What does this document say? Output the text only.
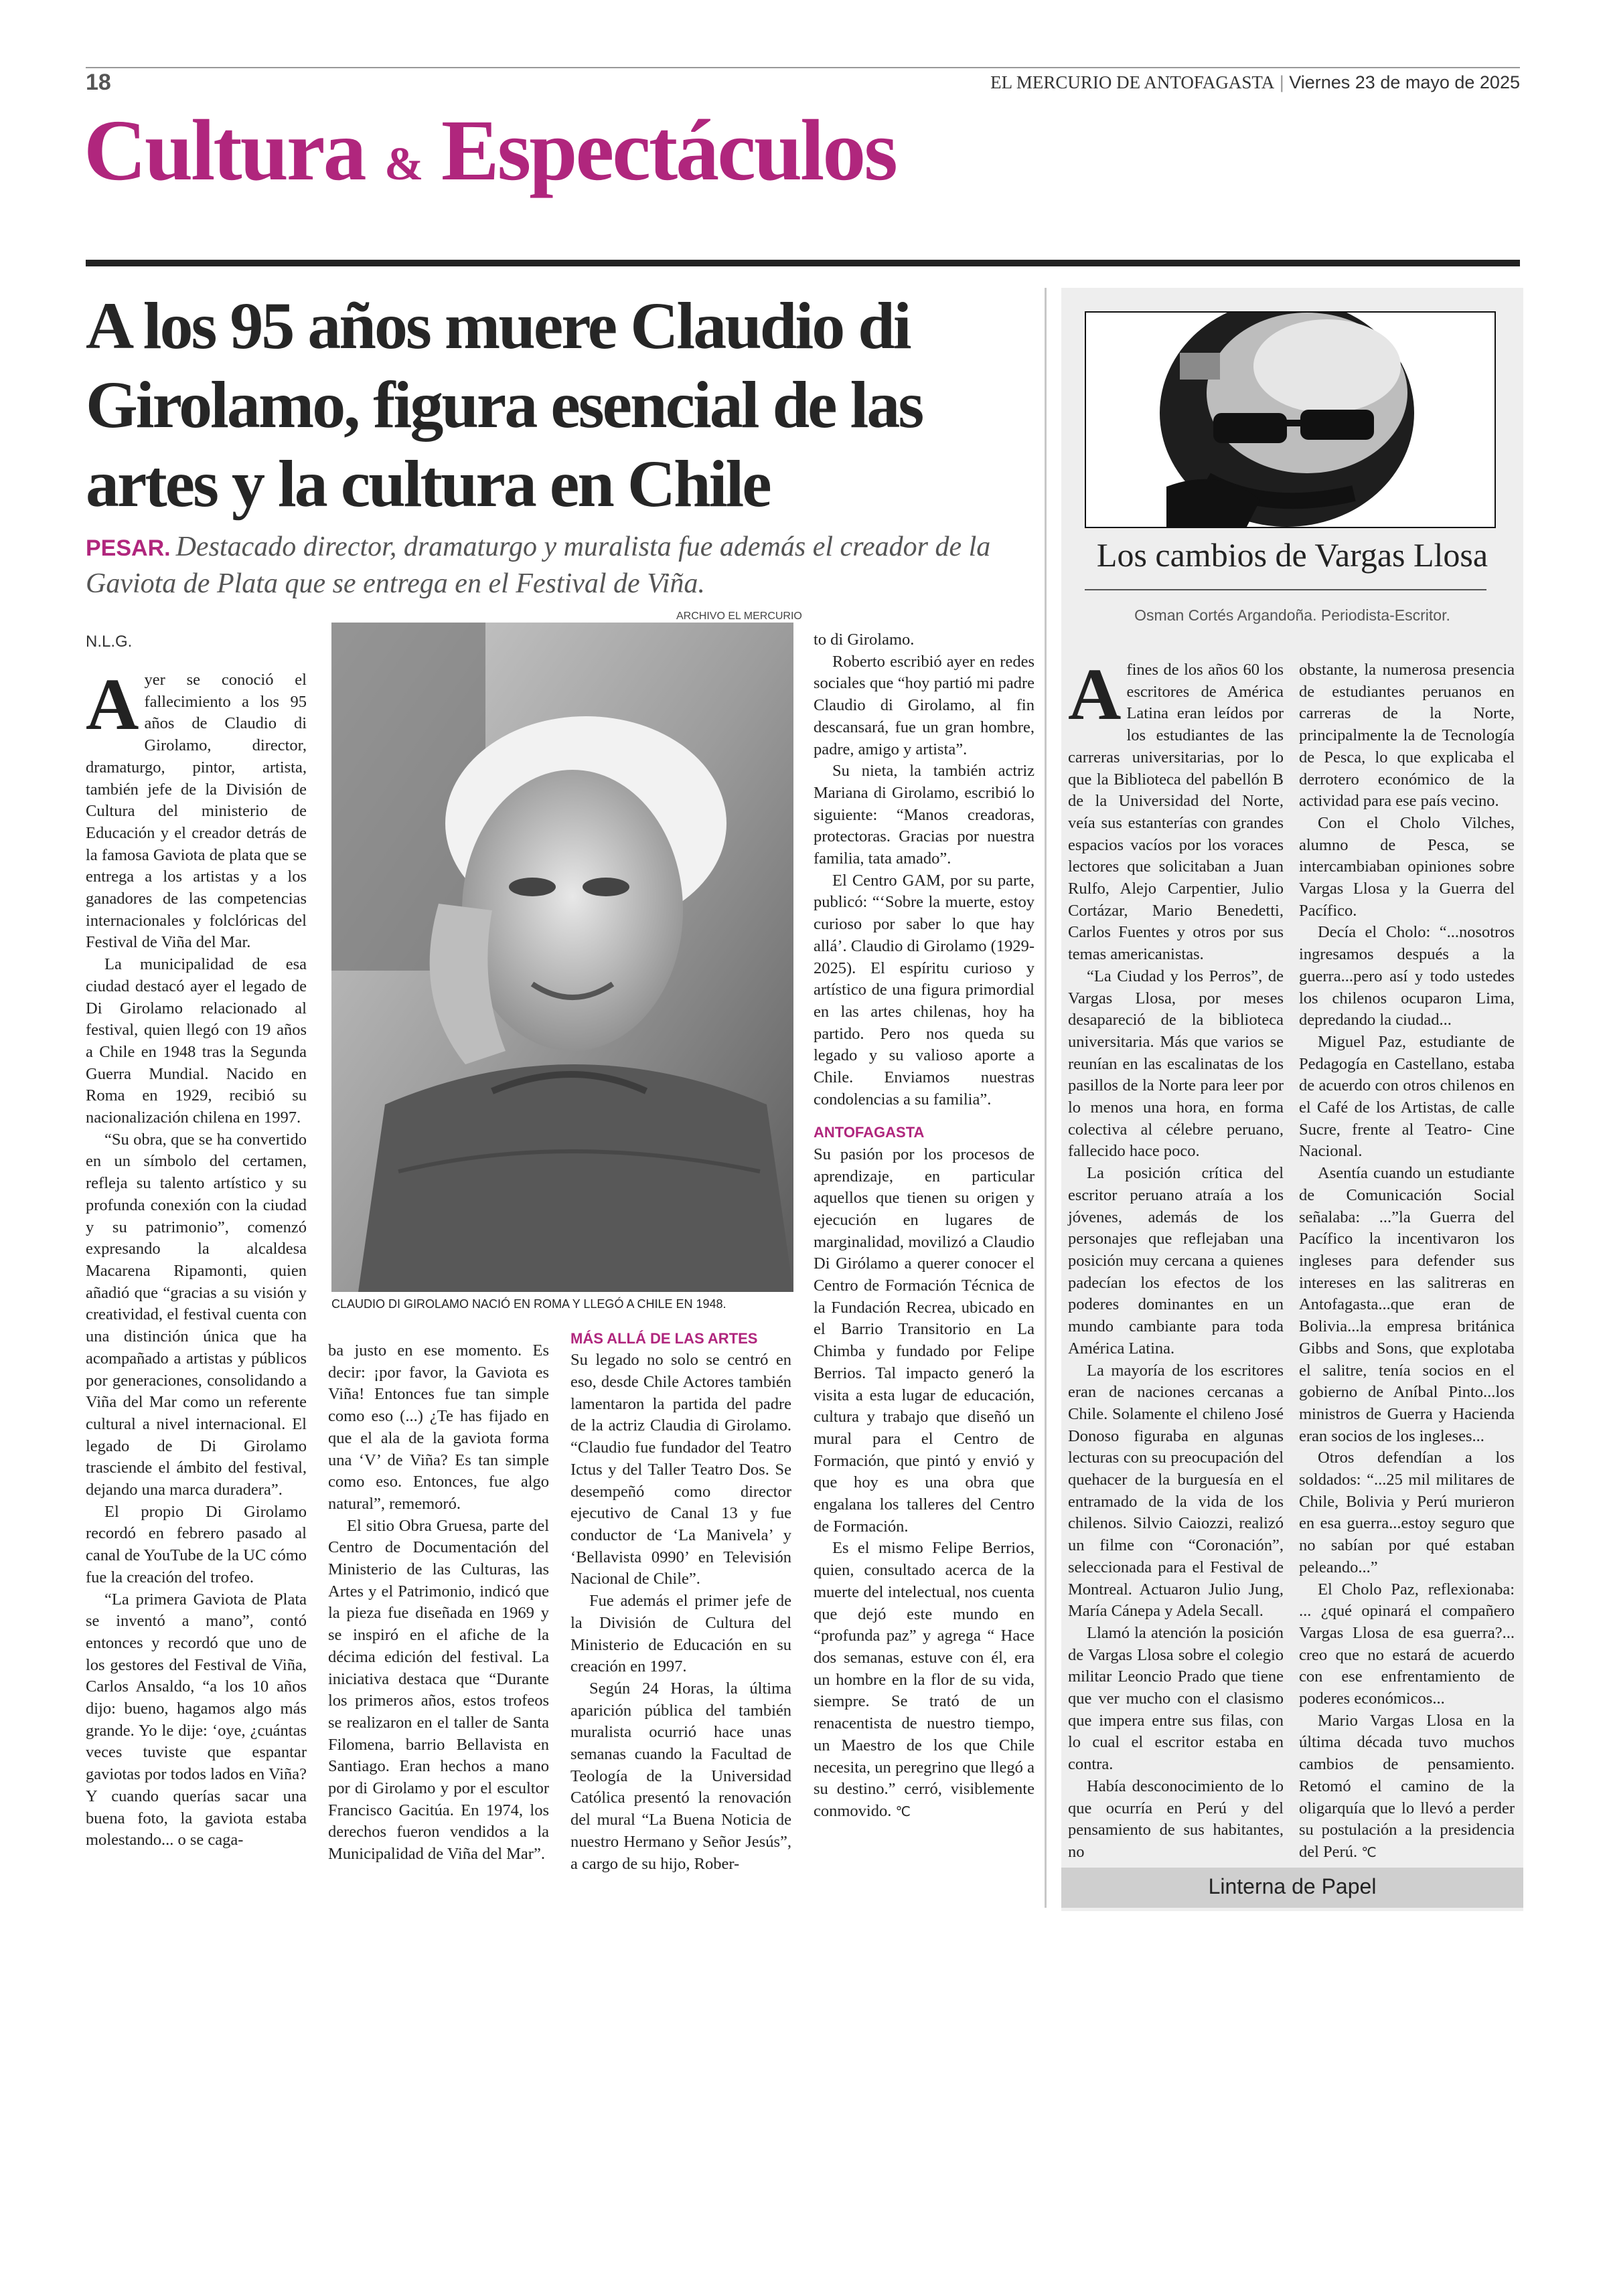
18	EL MERCURIO DE ANTOFAGASTA | Viernes 23 de mayo de 2025
Cultura & Espectáculos
A los 95 años muere Claudio di Girolamo, figura esencial de las artes y la cultura en Chile
PESAR. Destacado director, dramaturgo y muralista fue además el creador de la Gaviota de Plata que se entrega en el Festival de Viña.
N.L.G.

Ayer se conoció el fallecimiento a los 95 años de Claudio di Girolamo, director, dramaturgo, pintor, artista, también jefe de la División de Cultura del ministerio de Educación y el creador detrás de la famosa Gaviota de plata que se entrega a los artistas y a los ganadores de las competencias internacionales y folclóricas del Festival de Viña del Mar.

La municipalidad de esa ciudad destacó ayer el legado de Di Girolamo relacionado al festival, quien llegó con 19 años a Chile en 1948 tras la Segunda Guerra Mundial. Nacido en Roma en 1929, recibió su nacionalización chilena en 1997.

“Su obra, que se ha convertido en un símbolo del certamen, refleja su talento artístico y su profunda conexión con la ciudad y su patrimonio”, comenzó expresando la alcaldesa Macarena Ripamonti, quien añadió que “gracias a su visión y creatividad, el festival cuenta con una distinción única que ha acompañado a artistas y públicos por generaciones, consolidando a Viña del Mar como un referente cultural a nivel internacional. El legado de Di Girolamo trasciende el ámbito del festival, dejando una marca duradera”.

El propio Di Girolamo recordó en febrero pasado al canal de YouTube de la UC cómo fue la creación del trofeo.

“La primera Gaviota de Plata se inventó a mano”, contó entonces y recordó que uno de los gestores del Festival de Viña, Carlos Ansaldo, “a los 10 años dijo: bueno, hagamos algo más grande. Yo le dije: ‘oye, ¿cuántas veces tuviste que espantar gaviotas por todos lados en Viña? Y cuando querías sacar una buena foto, la gaviota estaba molestando... o se caga-

ARCHIVO EL MERCURIO
CLAUDIO DI GIROLAMO NACIÓ EN ROMA Y LLEGÓ A CHILE EN 1948.

ba justo en ese momento. Es decir: ¡por favor, la Gaviota es Viña! Entonces fue tan simple como eso (...) ¿Te has fijado en que el ala de la gaviota forma una ‘V’ de Viña? Es tan simple como eso. Entonces, fue algo natural”, rememoró.

El sitio Obra Gruesa, parte del Centro de Documentación del Ministerio de las Culturas, las Artes y el Patrimonio, indicó que la pieza fue diseñada en 1969 y se inspiró en el afiche de la décima edición del festival. La iniciativa destaca que “Durante los primeros años, estos trofeos se realizaron en el taller de Santa Filomena, barrio Bellavista en Santiago. Eran hechos a mano por di Girolamo y por el escultor Francisco Gacitúa. En 1974, los derechos fueron vendidos a la Municipalidad de Viña del Mar”.

MÁS ALLÁ DE LAS ARTES

Su legado no solo se centró en eso, desde Chile Actores también lamentaron la partida del padre de la actriz Claudia di Girolamo. “Claudio fue fundador del Teatro Ictus y del Taller Teatro Dos. Se desempeñó como director ejecutivo de Canal 13 y fue conductor de ‘La Manivela’ y ‘Bellavista 0990’ en Televisión Nacional de Chile”.

Fue además el primer jefe de la División de Cultura del Ministerio de Educación en su creación en 1997.

Según 24 Horas, la última aparición pública del también muralista ocurrió hace unas semanas cuando la Facultad de Teología de la Universidad Católica presentó la renovación del mural “La Buena Noticia de nuestro Hermano y Señor Jesús”, a cargo de su hijo, Rober-

to di Girolamo.

Roberto escribió ayer en redes sociales que “hoy partió mi padre Claudio di Girolamo, al fin descansará, fue un gran hombre, padre, amigo y artista”.

Su nieta, la también actriz Mariana di Girolamo, escribió lo siguiente: “Manos creadoras, protectoras. Gracias por nuestra familia, tata amado”.

El Centro GAM, por su parte, publicó: “‘Sobre la muerte, estoy curioso por saber lo que hay allá’. Claudio di Girolamo (1929-2025). El espíritu curioso y artístico de una figura primordial en las artes chilenas, hoy ha partido. Pero nos queda su legado y su valioso aporte a Chile. Enviamos nuestras condolencias a su familia”.

ANTOFAGASTA

Su pasión por los procesos de aprendizaje, en particular aquellos que tienen su origen y ejecución en lugares de marginalidad, movilizó a Claudio Di Girólamo a querer conocer el Centro de Formación Técnica de la Fundación Recrea, ubicado en el Barrio Transitorio en La Chimba y fundado por Felipe Berrios. Tal impacto generó la visita a esta lugar de educación, cultura y trabajo que diseñó un mural para el Centro de Formación, que pintó y envió y que hoy es una obra que engalana los talleres del Centro de Formación.

Es el mismo Felipe Berrios, quien, consultado acerca de la muerte del intelectual, nos cuenta que dejó este mundo en “profunda paz” y agrega “ Hace dos semanas, estuve con él, era un hombre en la flor de su vida, siempre. Se trató de un renacentista de nuestro tiempo, un Maestro de los que Chile necesita, un peregrino que llegó a su destino.” cerró, visiblemente conmovido. ℃

Los cambios de Vargas Llosa
Osman Cortés Argandoña. Periodista-Escritor.

Afines de los años 60 los escritores de América Latina eran leídos por los estudiantes de las carreras universitarias, por lo que la Biblioteca del pabellón B de la Universidad del Norte, veía sus estanterías con grandes espacios vacíos por los voraces lectores que solicitaban a Juan Rulfo, Alejo Carpentier, Julio Cortázar, Mario Benedetti, Carlos Fuentes y otros por sus temas americanistas.

“La Ciudad y los Perros”, de Vargas Llosa, por meses desapareció de la biblioteca universitaria. Más que varios se reunían en las escalinatas de los pasillos de la Norte para leer por lo menos una hora, en forma colectiva al célebre peruano, fallecido hace poco.

La posición crítica del escritor peruano atraía a los jóvenes, además de los personajes que reflejaban una posición muy cercana a quienes padecían los efectos de los poderes dominantes en un mundo cambiante para toda América Latina.

La mayoría de los escritores eran de naciones cercanas a Chile. Solamente el chileno José Donoso figuraba en algunas lecturas con su preocupación del quehacer de la burguesía en el entramado de la vida de los chilenos. Silvio Caiozzi, realizó un filme con “Coronación”, seleccionada para el Festival de Montreal. Actuaron Julio Jung, María Cánepa y Adela Secall.

Llamó la atención la posición de Vargas Llosa sobre el colegio militar Leoncio Prado que tiene que ver mucho con el clasismo que impera entre sus filas, con lo cual el escritor estaba en contra.

Había desconocimiento de lo que ocurría en Perú y del pensamiento de sus habitantes, no

obstante, la numerosa presencia de estudiantes peruanos en carreras de la Norte, principalmente la de Tecnología de Pesca, lo que explicaba el derrotero económico de la actividad para ese país vecino.

Con el Cholo Vilches, alumno de Pesca, se intercambiaban opiniones sobre Vargas Llosa y la Guerra del Pacífico.

Decía el Cholo: “...nosotros ingresamos después a la guerra...pero así y todo ustedes los chilenos ocuparon Lima, depredando la ciudad...

Miguel Paz, estudiante de Pedagogía en Castellano, estaba de acuerdo con otros chilenos en el Café de los Artistas, de calle Sucre, frente al Teatro- Cine Nacional.

Asentía cuando un estudiante de Comunicación Social señalaba: ...”la Guerra del Pacífico la incentivaron los ingleses para defender sus intereses en las salitreras en Antofagasta...que eran de Bolivia...la empresa británica Gibbs and Sons, que explotaba el salitre, tenía socios en el gobierno de Aníbal Pinto...los ministros de Guerra y Hacienda eran socios de los ingleses...

Otros defendían a los soldados: “...25 mil militares de Chile, Bolivia y Perú murieron en esa guerra...estoy seguro que no sabían por qué estaban peleando...”

El Cholo Paz, reflexionaba: ... ¿qué opinará el compañero Vargas Llosa de esa guerra?... creo que no estará de acuerdo con ese enfrentamiento de poderes económicos...

Mario Vargas Llosa en la última década tuvo muchos cambios de pensamiento. Retomó el camino de la oligarquía que lo llevó a perder su postulación a la presidencia del Perú. ℃

Linterna de Papel
